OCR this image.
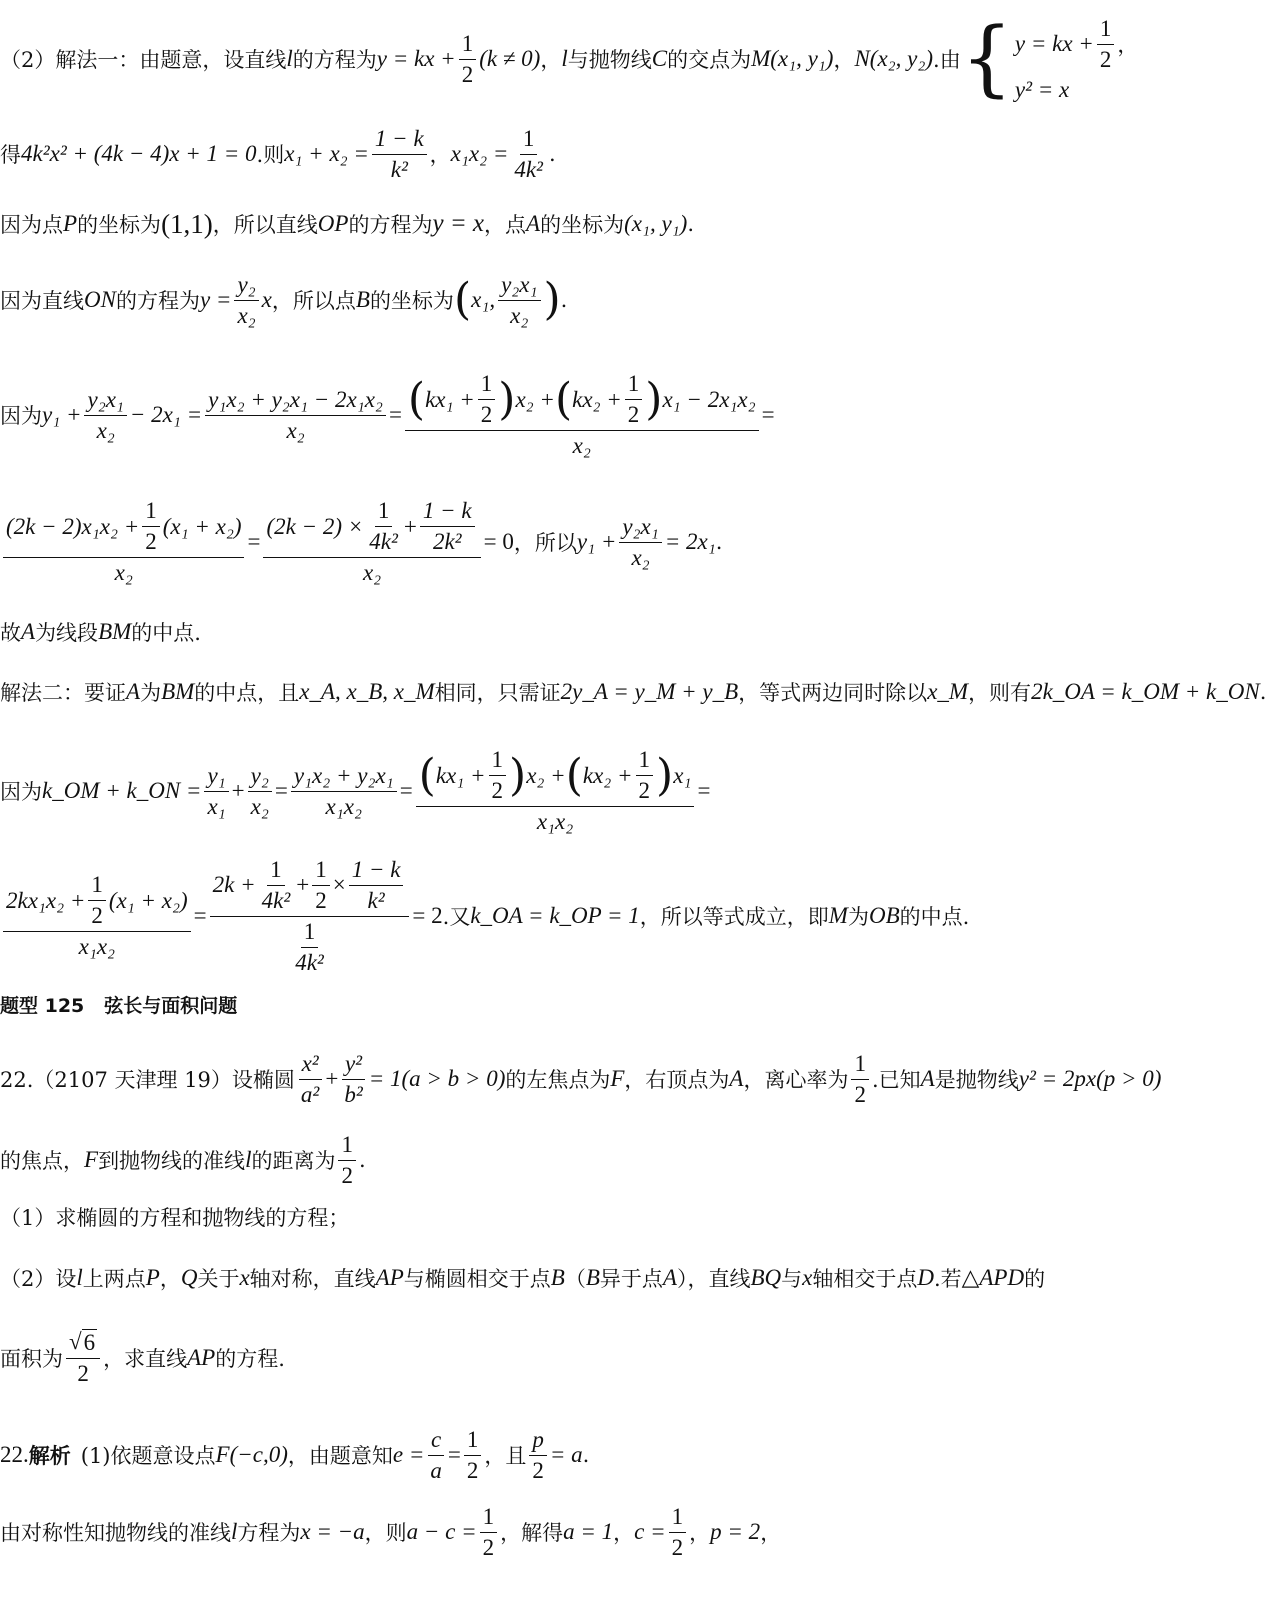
（2）解法一：由题意，设直线 l 的方程为 y = kx + $\frac{1}{2} (k \ne 0)$ ， l 与抛物线 C 的交点为 M(x₁, y₁) ， N(x₂, y₂) .由 { y = kx + $\frac{1}{2}$ ，
y² = x
得 4k²x² + (4k − 4)x + 1 = 0 .则 $x_1 + x_2 = \frac{1 - k}{\text{k²}}$ ， $x_1x_2 = \frac{1}{\text{4k²}}$ .
因为点 P 的坐标为 (1,1) ，所以直线 OP 的方程为 y = x ，点 A 的坐标为 (x₁, y₁) .
因为直线 ON 的方程为 $y = \frac{\text{y₂}}{\text{x₂}}$ x ，所以点 B 的坐标为 ( x₁, $\frac{\text{y₂x₁}}{\text{x₂}}$ ) .
因为 $y_1 + \frac{\text{y₂x₁}}{\text{x₂}} - 2x_1 = \frac{\text{y₁x₂ + y₂x₁ − 2x₁x₂}}{\text{x₂}} = \frac{( kx_1 + \frac{1}{2} ) x_2 + ( kx_2 + \frac{1}{2} ) x_1 - 2x_1x_2}{\text{x₂}}$ =
$\frac{(2k - 2)x_1x_2 + \frac{1}{2} (x_1 + x_2)}{\text{x₂}} = \frac{(2k - 2) \times \frac{1}{\text{4k²}} + \frac{1 - k}{\text{2k²}}}{\text{x₂}} = 0$ ，所以 $y_1 + \frac{\text{y₂x₁}}{\text{x₂}} = 2x_1$ .
故 A 为线段 BM 的中点.
解法二：要证 A 为 BM 的中点，且 x_A, x_B, x_M 相同，只需证 2y_A = y_M + y_B ，等式两边同时除以 x_M ，则有 2k_OA = k_OM + k_ON .
因为 k_OM + k_ON = $\frac{\text{y₁}}{\text{x₁}} + \frac{\text{y₂}}{\text{x₂}} = \frac{\text{y₁x₂ + y₂x₁}}{\text{x₁x₂}} = \frac{( kx_1 + \frac{1}{2} ) x_2 + ( kx_2 + \frac{1}{2} ) x_1}{\text{x₁x₂}}$ =
$\frac{2kx_1x_2 + \frac{1}{2} (x_1 + x_2)}{\text{x₁x₂}} = \frac{2k + \frac{1}{\text{4k²}} + \frac{1}{2} \times \frac{1 - k}{\text{k²}}}{\frac{1}{\text{4k²}}} = 2$ .又 k_OA = k_OP = 1 ，所以等式成立，即 M 为 OB 的中点.
题型 125 弦长与面积问题
22.（2107 天津理 19）设椭圆 $\frac{\text{x²}}{\text{a²}} + \frac{\text{y²}}{\text{b²}} = 1(a > b > 0)$ 的左焦点为 F ，右顶点为 A ，离心率为 $\frac{1}{2}$ .已知 A 是抛物线 y² = 2px(p > 0)
的焦点， F 到抛物线的准线 l 的距离为 $\frac{1}{2}$ .
（1）求椭圆的方程和抛物线的方程；
（2）设 l 上两点 P ， Q 关于 x 轴对称，直线 AP 与椭圆相交于点 B （ B 异于点 A ），直线 BQ 与 x 轴相交于点 D .若 △APD 的
面积为 $\frac{√ 6}{2}$ ，求直线 AP 的方程.
22. 解析 (1)依题意设点 F (−c,0) ，由题意知 $e = \frac{c}{a} = \frac{1}{2}$ ，且 $\frac{p}{2} = a$ .
由对称性知抛物线的准线 l 方程为 x = −a ，则 $a - c = \frac{1}{2}$ ，解得 a = 1 ， $c = \frac{1}{2}$ ， p = 2 ，
